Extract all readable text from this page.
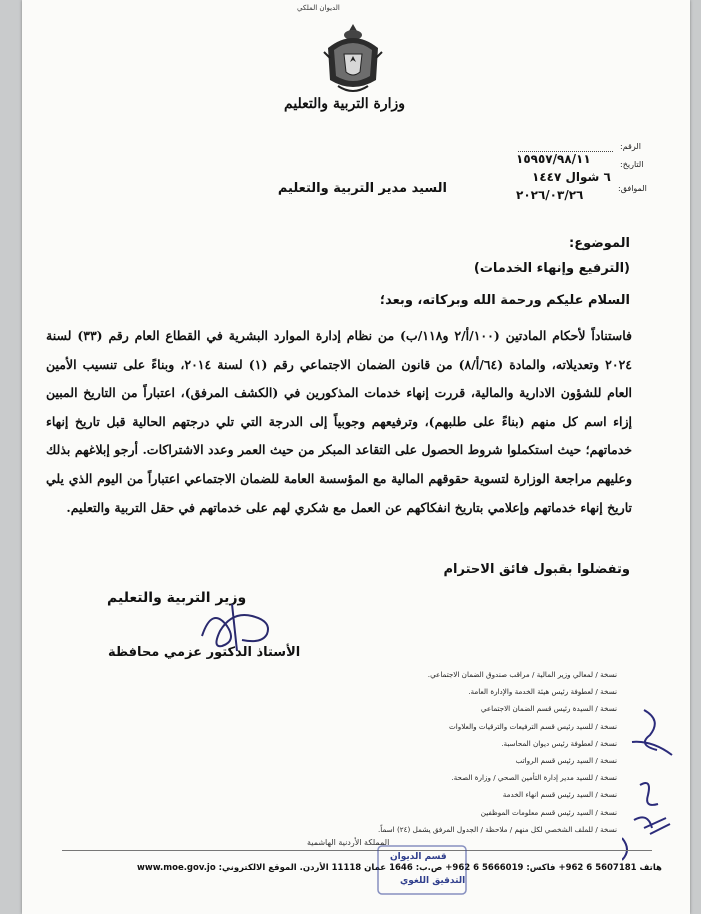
الديوان الملكي
وزارة التربية والتعليم
الرقم:
التاريخ:
١٥٩٥٧/٩٨/١١
٦ شوال ١٤٤٧
الموافق:
٢٠٢٦/٠٣/٢٦
السيد مدير التربية والتعليم
الموضوع:
(الترفيع وإنهاء الخدمات)
السلام عليكم ورحمة الله وبركاته، وبعد؛
فاستناداً لأحكام المادتين (١٠٠/أ/٢ و١١٨/ب) من نظام إدارة الموارد البشرية في القطاع العام رقم (٣٣) لسنة ٢٠٢٤ وتعديلاته، والمادة (٦٤/أ/٨) من قانون الضمان الاجتماعي رقم (١) لسنة ٢٠١٤، وبناءً على تنسيب الأمين العام للشؤون الادارية والمالية، قررت إنهاء خدمات المذكورين في (الكشف المرفق)، اعتباراً من التاريخ المبين إزاء اسم كل منهم (بناءً على طلبهم)، وترفيعهم وجوبياً إلى الدرجة التي تلي درجتهم الحالية قبل تاريخ إنهاء خدماتهم؛ حيث استكملوا شروط الحصول على التقاعد المبكر من حيث العمر وعدد الاشتراكات. أرجو إبلاغهم بذلك وعليهم مراجعة الوزارة لتسوية حقوقهم المالية مع المؤسسة العامة للضمان الاجتماعي اعتباراً من اليوم الذي يلي تاريخ إنهاء خدماتهم وإعلامي بتاريخ انفكاكهم عن العمل مع شكري لهم على خدماتهم في حقل التربية والتعليم.
وتفضلوا بقبول فائق الاحترام
وزير التربية والتعليم
الأستاذ الدكتور عزمي محافظة
نسخة / لمعالي وزير المالية / مراقب صندوق الضمان الاجتماعي.
نسخة / لعطوفة رئيس هيئة الخدمة والإدارة العامة.
نسخة / السيدة رئيس قسم الضمان الاجتماعي
نسخة / للسيد رئيس قسم الترفيعات والترقيات والعلاوات
نسخة / لعطوفة رئيس ديوان المحاسبة.
نسخة / السيد رئيس قسم الرواتب
نسخة / للسيد مدير إدارة التأمين الصحي / وزارة الصحة.
نسخة / السيد رئيس قسم انهاء الخدمة
نسخة / السيد رئيس قسم معلومات الموظفين
نسخة / للملف الشخصي لكل منهم / ملاحظة / الجدول المرفق يشمل (٢٤) اسماً.
المملكة الأردنية الهاشمية
هاتف 5607181 6 962+ فاكس: 5666019 6 962+ ص.ب: 1646 عمان 11118 الأردن. الموقع الالكتروني: www.moe.gov.jo
قسم الديوان
التدقيق اللغوي
